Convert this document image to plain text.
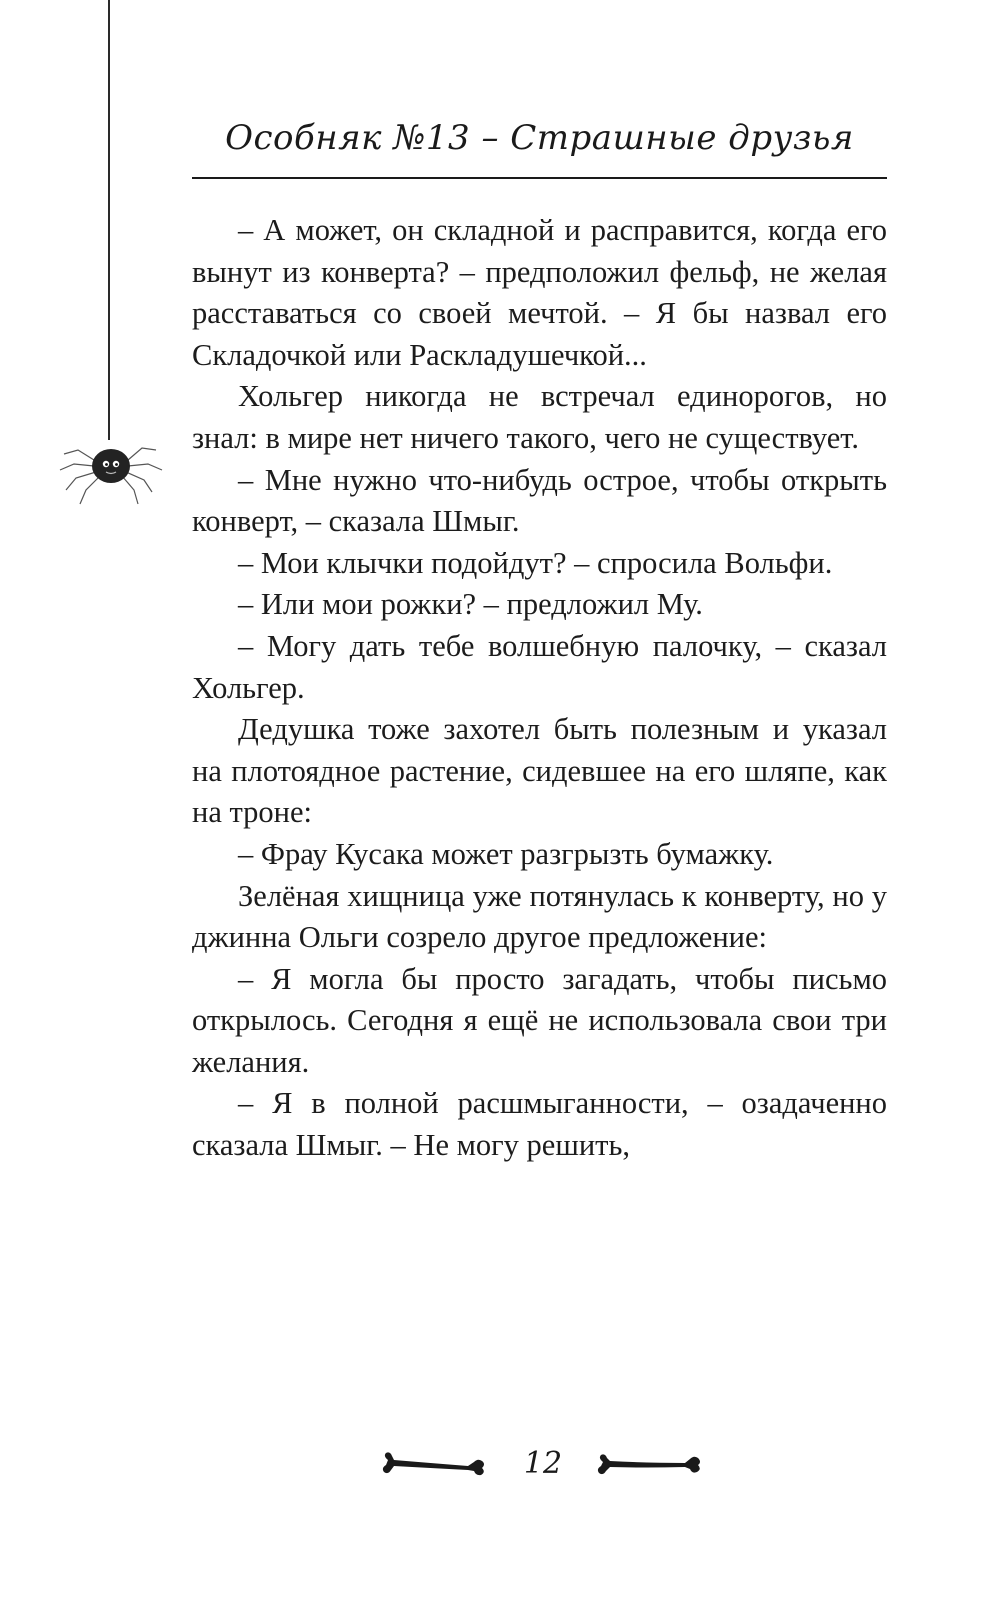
Особняк №13 – Страшные друзья

– А может, он складной и расправится, когда его вынут из конверта? – предположил фельф, не желая расставаться со своей мечтой. – Я бы назвал его Складочкой или Раскладушечкой...

Хольгер никогда не встречал единорогов, но знал: в мире нет ничего такого, чего не существует.

– Мне нужно что-нибудь острое, чтобы открыть конверт, – сказала Шмыг.

– Мои клычки подойдут? – спросила Вольфи.

– Или мои рожки? – предложил Му.

– Могу дать тебе волшебную палочку, – сказал Хольгер.

Дедушка тоже захотел быть полезным и указал на плотоядное растение, сидевшее на его шляпе, как на троне:

– Фрау Кусака может разгрызть бумажку.

Зелёная хищница уже потянулась к конверту, но у джинна Ольги созрело другое предложение:

– Я могла бы просто загадать, чтобы письмо открылось. Сегодня я ещё не использовала свои три желания.

– Я в полной расшмыганности, – озадаченно сказала Шмыг. – Не могу решить,

12
